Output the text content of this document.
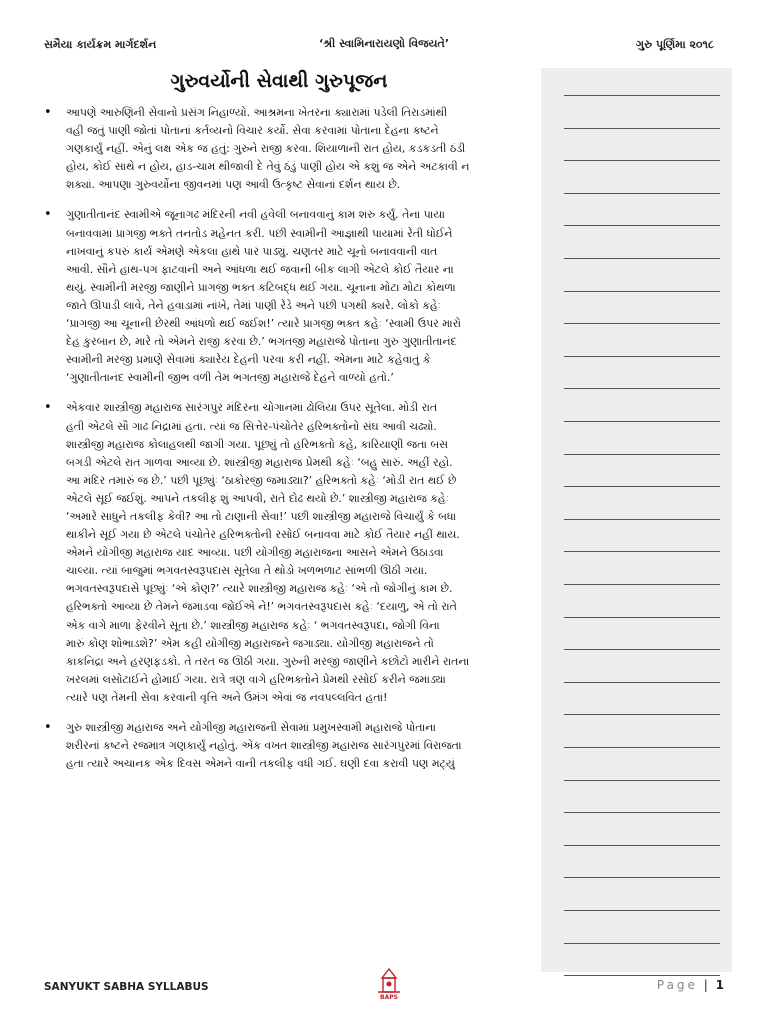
સમૈયા કાર્યક્રમ માર્ગદર્શન	‘શ્રી સ્વામિનારાયણો વિજયતે’	ગુરુ પૂર્ણિમા ૨૦૧૮
ગુરુવર્યોની સેવાથી ગુરુપૂજન
• આપણે આરુણિની સેવાનો પ્રસંગ નિહાળ્યો. આશ્રમના ખેતરના ક્યારામાં પડેલી તિરાડમાંથી
વહી જતું પાણી જોતાં પોતાનાં કર્તવ્યનો વિચાર કર્યો. સેવા કરવામાં પોતાના દેહના કષ્ટને
ગણકાર્યું નહીં. એનું લક્ષ એક જ હતું: ગુરુને રાજી કરવા. શિયાળાની રાત હોય, કડકડતી ઠંડી
હોય, કોઈ સાથે ન હોય, હાડ-ચામ થીજાવી દે તેવું ઠંડું પાણી હોય એ કશું જ એને અટકાવી ન
શક્યાં. આપણા ગુરુવર્યોના જીવનમાં પણ આવી ઉત્કૃષ્ટ સેવાનાં દર્શન થાય છે.
• ગુણાતીતાનંદ સ્વામીએ જૂનાગઢ મંદિરની નવી હવેલી બનાવવાનું કામ શરુ કર્યું. તેના પાયા
બનાવવામાં પ્રાગજી ભક્તે તનતોડ મહેનત કરી. પછી સ્વામીની આજ્ઞાથી પાયામાં રેતી ધોઈને
નાખવાનું કપરું કાર્ય એમણે એકલા હાથે પાર પાડ્યું. ચણતર માટે ચૂનો બનાવવાની વાત
આવી. સૌને હાથ-પગ ફાટવાની અને આંધળા થઈ જવાની બીક લાગી એટલે કોઈ તૈયાર ના
થયું. સ્વામીની મરજી જાણીને પ્રાગજી ભક્ત કટિબદ્ધ થઈ ગયા. ચૂનાના મોટા મોટા કોથળા
જાતે ઊપાડી લાવે, તેને હવાડામાં નાંખે, તેમાં પાણી રેડે અને પછી પગથી ક્યરે. લોકો કહેઃ
‘પ્રાગજી આ ચૂનાની છેરથી આંધળો થઈ જઈશ!’ ત્યારે પ્રાગજી ભક્ત કહેઃ ‘સ્વામી ઉપર મારો
દેહ કુરબાન છે, મારે તો એમને રાજી કરવા છે.’ ભગતજી મહારાજે પોતાના ગુરુ ગુણાતીતાનંદ
સ્વામીની મરજી પ્રમાણે સેવામાં ક્યારેય દેહની પરવા કરી નહીં. એમના માટે કહેવાતું કે
‘ગુણાતીતાનંદ સ્વામીની જીભ વળી તેમ ભગતજી મહારાજે દેહને વાળ્યો હતો.’
• એકવાર શાસ્ત્રીજી મહારાજ સારંગપુર મંદિરના ચોગાનમાં ઢોલિયા ઉપર સૂતેલા. મોડી રાત
હતી એટલે સૌ ગાઢ નિદ્રામાં હતા. ત્યાં જ સિત્તેર-પંચોતેર હરિભક્તોનો સંઘ આવી ચઢ્યો.
શાસ્ત્રીજી મહારાજ કોલાહલથી જાગી ગયા. પૂછ્યું તો હરિભક્તો કહે, કારિયાણી જતા બસ
બગડી એટલે રાત ગાળવા આવ્યા છે. શાસ્ત્રીજી મહારાજ પ્રેમથી કહેઃ ‘બહુ સારું. અહીં રહો.
આ મંદિર તમારું જ છે.’ પછી પૂછ્યુંઃ ‘ઠાકોરજી જમાડ્યા?’ હરિભક્તો કહેઃ ‘મોડી રાત થઈ છે
એટલે સૂઈ જઈશું. આપને તકલીફ શું આપવી, રાતે દોઢ થયો છે.’ શાસ્ત્રીજી મહારાજ કહેઃ
‘અમારે સાધુને તકલીફ કેવી? આ તો ટાણાની સેવા!’ પછી શાસ્ત્રીજી મહારાજે વિચાર્યું કે બધા
થાકીને સૂઈ ગયા છે એટલે પંચોતેર હરિભક્તોની રસોઈ બનાવવા માટે કોઈ તૈયાર નહીં થાય.
એમને યોગીજી મહારાજ યાદ આવ્યા. પછી યોગીજી મહારાજના આસને એમને ઉઠાડવા
ચાલ્યા. ત્યાં બાજુમાં ભગવતસ્વરૂપદાસ સૂતેલા તે થોડો ખળભળાટ સાંભળી ઊઠી ગયા.
ભગવતસ્વરૂપદાસે પૂછ્યુંઃ ‘એ કોણ?’ ત્યારે શાસ્ત્રીજી મહારાજ કહેઃ ‘એ તો જોગીનું કામ છે.
હરિભક્તો આવ્યા છે તેમને જમાડવા જોઈએ ને!’ ભગવતસ્વરૂપદાસ કહેઃ ‘દયાળુ, એ તો રાતે
એક વાગે માળા ફેરવીને સૂતા છે.’ શાસ્ત્રીજી મહારાજ કહેઃ ‘ ભગવતસ્વરૂપદા, જોગી વિના
મારું કોણ શોભાડશે?’ એમ કહી યોગીજી મહારાજને જગાડ્યા. યોગીજી મહારાજને તો
કાકનિદ્રા અને હરણફડકો. તે તરત જ ઊઠી ગયા. ગુરુની મરજી જાણીને કછોટો મારીને રાતના
ખરલમાં લસોટાઈને હોમાઈ ગયા. રાત્રે ત્રણ વાગે હરિભક્તોને પ્રેમથી રસોઈ કરીને જમાડ્યા
ત્યારે પણ તેમની સેવા કરવાની વૃત્તિ અને ઉમંગ એવાં જ નવપલ્લવિત હતાં!
• ગુરુ શાસ્ત્રીજી મહારાજ અને યોગીજી મહારાજની સેવામાં પ્રમુખસ્વામી મહારાજે પોતાના
શરીરનાં કષ્ટને રજમાત્ર ગણકાર્યું નહોતું. એક વખત શાસ્ત્રીજી મહારાજ સારંગપુરમાં વિરાજતા
હતા ત્યારે અચાનક એક દિવસ એમને વાની તકલીફ વધી ગઈ. ઘણી દવા કરાવી પણ મટ્યું
SANYUKT SABHA SYLLABUS
BAPS
Page | 1
